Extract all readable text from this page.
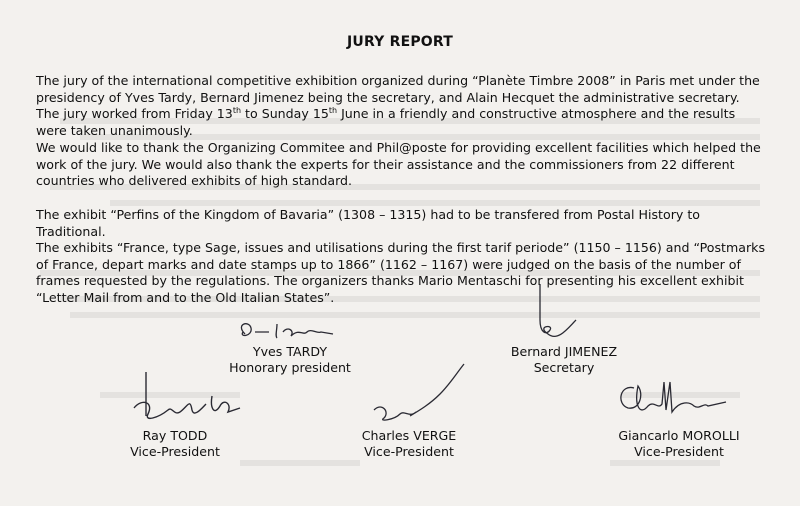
JURY REPORT

The jury of the international competitive exhibition organized during “Planète Timbre 2008” in Paris met under the presidency of Yves Tardy, Bernard Jimenez being the secretary, and Alain Hecquet the administrative secretary. The jury worked from Friday 13th to Sunday 15th June in a friendly and constructive atmosphere and the results were taken unanimously.

We would like to thank the Organizing Commitee and Phil@poste for providing excellent facilities which helped the work of the jury. We would also thank the experts for their assistance and the commissioners from 22 different countries who delivered exhibits of high standard.

The exhibit “Perfins of the Kingdom of Bavaria” (1308 – 1315) had to be transfered from Postal History to Traditional.
The exhibits “France, type Sage, issues and utilisations during the first tarif periode” (1150 – 1156) and “Postmarks of France, depart marks and date stamps up to 1866” (1162 – 1167) were judged on the basis of the number of frames requested by the regulations. The organizers thanks Mario Mentaschi for presenting his excellent exhibit “Letter Mail from and to the Old Italian States”.
Yves TARDY
Honorary president
Bernard JIMENEZ
Secretary
Ray TODD
Vice-President
Charles VERGE
Vice-President
Giancarlo MOROLLI
Vice-President
